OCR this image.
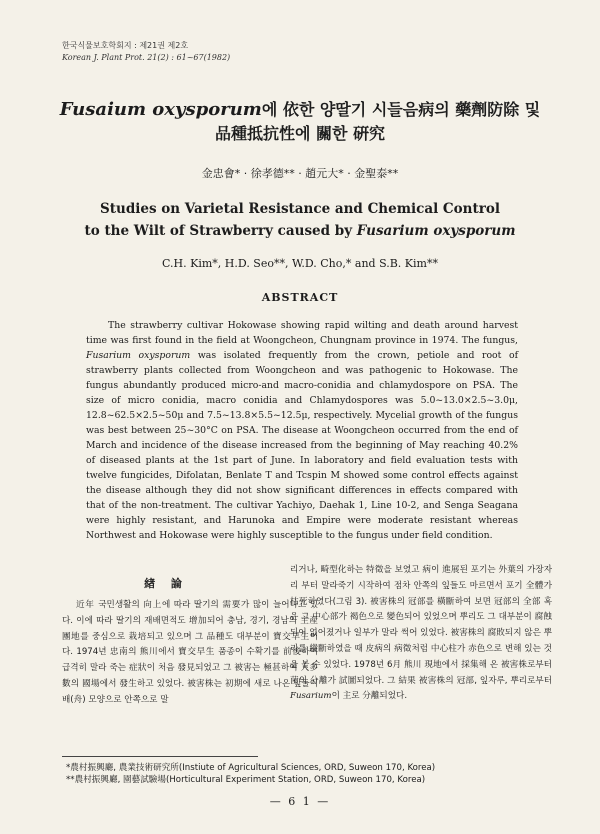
한국식물보호학회지 : 제21권 제2호
Korean J. Plant Prot. 21(2) : 61~67(1982)
Fusaium oxysporum에 依한 양딸기 시들음病의 藥劑防除 및
品種抵抗性에 關한 硏究
金忠會* · 徐孝德** · 趙元大* · 金聖泰**
Studies on Varietal Resistance and Chemical Control
to the Wilt of Strawberry caused by Fusarium oxysporum
C.H. Kim*, H.D. Seo**, W.D. Cho,* and S.B. Kim**
ABSTRACT

The strawberry cultivar Hokowase showing rapid wilting and death around harvest time was first found in the field at Woongcheon, Chungnam province in 1974. The fungus, Fusarium oxysporum was isolated frequently from the crown, petiole and root of strawberry plants collected from Woongcheon and was pathogenic to Hokowase. The fungus abundantly produced micro-and macro-conidia and chlamydospore on PSA. The size of micro conidia, macro conidia and Chlamydospores was 5.0~13.0×2.5~3.0μ, 12.8~62.5×2.5~50μ and 7.5~13.8×5.5~12.5μ, respectively. Mycelial growth of the fungus was best between 25~30°C on PSA. The disease at Woongcheon occurred from the end of March and incidence of the disease increased from the beginning of May reaching 40.2% of diseased plants at the 1st part of June. In laboratory and field evaluation tests with twelve fungicides, Difolatan, Benlate T and Tcspin M showed some control effects against the disease although they did not show significant differences in effects compared with that of the non-treatment. The cultivar Yachiyo, Daehak 1, Line 10-2, and Senga Seagana were highly resistant, and Harunoka and Empire were moderate resistant whereas Northwest and Hokowase were highly susceptible to the fungus under field condition.

緖 論

近年 국민생활의 向上에 따라 딸기의 需要가 많이 늘어나고 있다. 이에 따라 딸기의 재배면적도 增加되어 충남, 경기, 경남의 主産團地를 중심으로 栽培되고 있으며 그 品種도 대부분이 寶交早生이다. 1974년 忠南의 熊川에서 寶交早生 품종이 수확기를 前後하여 급격히 말라 죽는 症狀이 처음 發見되었고 그 被害는 極甚하여 人多數의 國場에서 發生하고 있었다. 被害株는 初期에 새로 나온 잎들이 배(舟) 모양으로 안쪽으로 말

리거나, 畸型化하는 特徵을 보였고 病이 進展된 포기는 外葉의 가장자리 부터 말라죽기 시작하여 점차 안쪽의 잎들도 마르면서 포기 全體가 枯死하였다(그림 3). 被害株의 冠部를 橫斷하여 보면 冠部의 全部 혹은 그 中心部가 褐色으로 變色되어 있었으며 뿌리도 그 대부분이 腐蝕되어 없어졌거나 일부가 말라 썩어 있었다. 被害株의 腐敗되지 않은 뿌리를 縱斷하였을 때 皮病의 病徵처럼 中心柱가 赤色으로 변해 있는 것을 볼 수 있었다. 1978년 6月 熊川 現地에서 採集해 온 被害株로부터 菌의 分離가 試圖되었다. 그 結果 被害株의 冠部, 잎자루, 뿌리로부터 Fusarium이 主로 分離되었다.

*農村振興廳, 農業技術研究所(Instiute of Agricultural Sciences, ORD, Suweon 170, Korea)
**農村振興廳, 園藝試驗場(Horticultural Experiment Station, ORD, Suweon 170, Korea)
— 6 1 —
